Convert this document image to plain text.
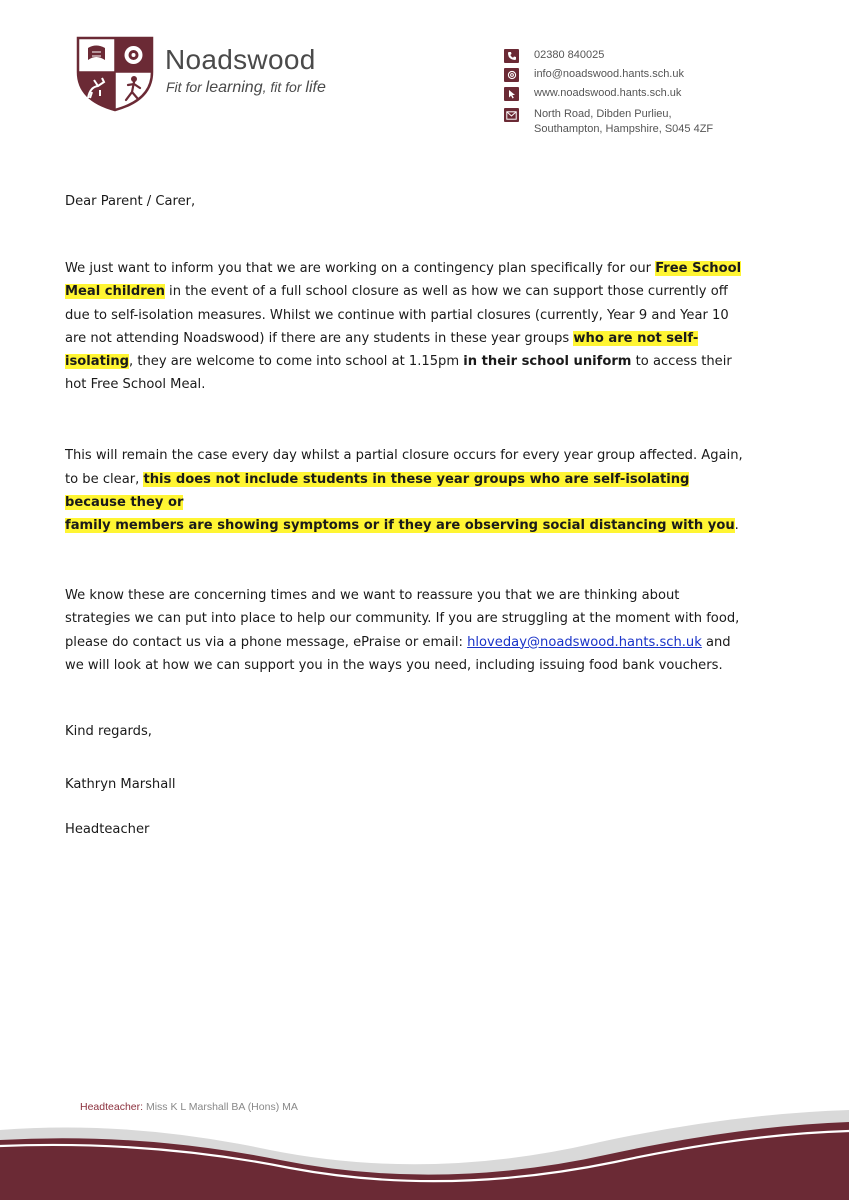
Noadswood
Fit for learning, fit for life
02380 840025
info@noadswood.hants.sch.uk
www.noadswood.hants.sch.uk
North Road, Dibden Purlieu,
Southampton, Hampshire, S045 4ZF

Dear Parent / Carer,

We just want to inform you that we are working on a contingency plan specifically for our Free School
Meal children in the event of a full school closure as well as how we can support those currently off due to self-isolation measures. Whilst we continue with partial closures (currently, Year 9 and Year 10 are not attending Noadswood) if there are any students in these year groups who are not self-isolating, they are welcome to come into school at 1.15pm in their school uniform to access their hot Free School Meal.

This will remain the case every day whilst a partial closure occurs for every year group affected. Again, to be clear, this does not include students in these year groups who are self-isolating because they or
family members are showing symptoms or if they are observing social distancing with you.

We know these are concerning times and we want to reassure you that we are thinking about strategies we can put into place to help our community. If you are struggling at the moment with food, please do contact us via a phone message, ePraise or email: hloveday@noadswood.hants.sch.uk and we will look at how we can support you in the ways you need, including issuing food bank vouchers.

Kind regards,

Kathryn Marshall

Headteacher

Headteacher: Miss K L Marshall BA (Hons) MA
